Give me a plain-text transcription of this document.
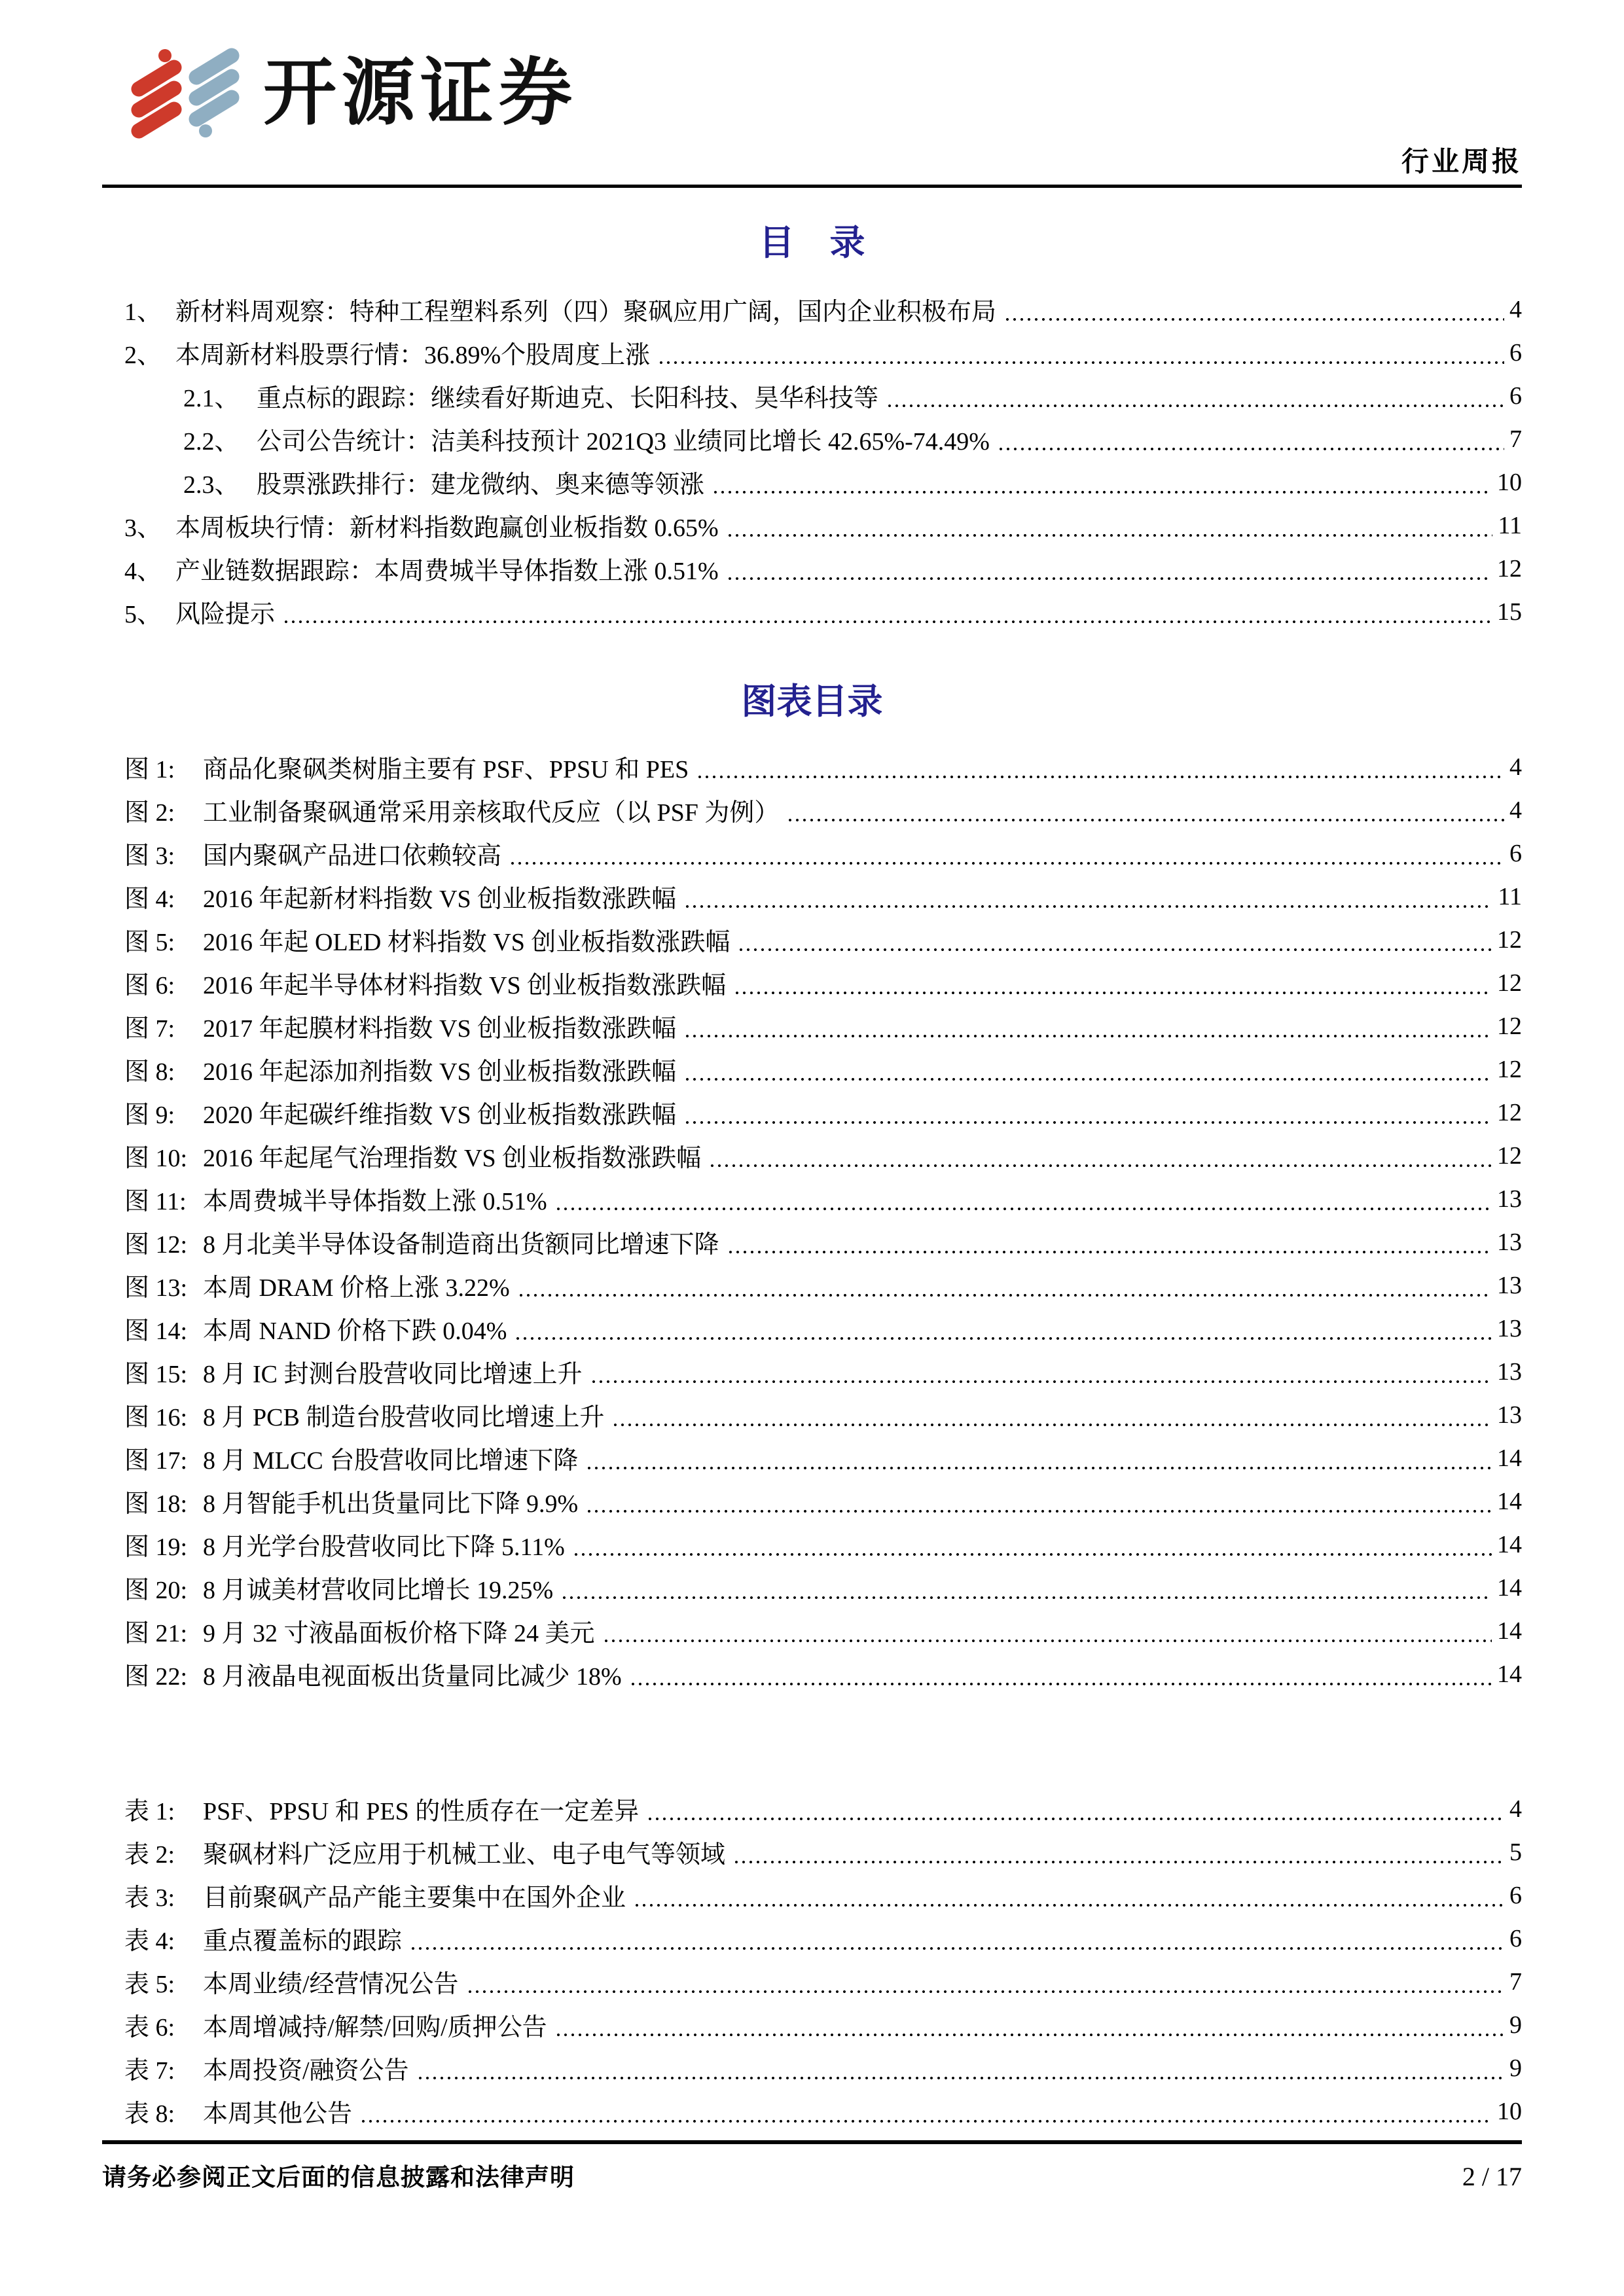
开源证券
行业周报
目　录
1、 新材料周观察：特种工程塑料系列（四）聚砜应用广阔，国内企业积极布局	4
2、 本周新材料股票行情：36.89%个股周度上涨	6
2.1、 重点标的跟踪：继续看好斯迪克、长阳科技、昊华科技等	6
2.2、 公司公告统计：洁美科技预计 2021Q3 业绩同比增长 42.65%-74.49%	7
2.3、 股票涨跌排行：建龙微纳、奥来德等领涨	10
3、 本周板块行情：新材料指数跑赢创业板指数 0.65%	11
4、 产业链数据跟踪：本周费城半导体指数上涨 0.51%	12
5、 风险提示	15
图表目录
图 1:	商品化聚砜类树脂主要有 PSF、PPSU 和 PES	4
图 2:	工业制备聚砜通常采用亲核取代反应（以 PSF 为例）	4
图 3:	国内聚砜产品进口依赖较高	6
图 4:	2016 年起新材料指数 VS 创业板指数涨跌幅	11
图 5:	2016 年起 OLED 材料指数 VS 创业板指数涨跌幅	12
图 6:	2016 年起半导体材料指数 VS 创业板指数涨跌幅	12
图 7:	2017 年起膜材料指数 VS 创业板指数涨跌幅	12
图 8:	2016 年起添加剂指数 VS 创业板指数涨跌幅	12
图 9:	2020 年起碳纤维指数 VS 创业板指数涨跌幅	12
图 10: 2016 年起尾气治理指数 VS 创业板指数涨跌幅	12
图 11: 本周费城半导体指数上涨 0.51%	13
图 12: 8 月北美半导体设备制造商出货额同比增速下降	13
图 13: 本周 DRAM 价格上涨 3.22%	13
图 14: 本周 NAND 价格下跌 0.04%	13
图 15: 8 月 IC 封测台股营收同比增速上升	13
图 16: 8 月 PCB 制造台股营收同比增速上升	13
图 17: 8 月 MLCC 台股营收同比增速下降	14
图 18: 8 月智能手机出货量同比下降 9.9%	14
图 19: 8 月光学台股营收同比下降 5.11%	14
图 20: 8 月诚美材营收同比增长 19.25%	14
图 21: 9 月 32 寸液晶面板价格下降 24 美元	14
图 22: 8 月液晶电视面板出货量同比减少 18%	14
表 1:	PSF、PPSU 和 PES 的性质存在一定差异	4
表 2:	聚砜材料广泛应用于机械工业、电子电气等领域	5
表 3:	目前聚砜产品产能主要集中在国外企业	6
表 4:	重点覆盖标的跟踪	6
表 5:	本周业绩/经营情况公告	7
表 6:	本周增减持/解禁/回购/质押公告	9
表 7:	本周投资/融资公告	9
表 8:	本周其他公告	10
请务必参阅正文后面的信息披露和法律声明	2 / 17
